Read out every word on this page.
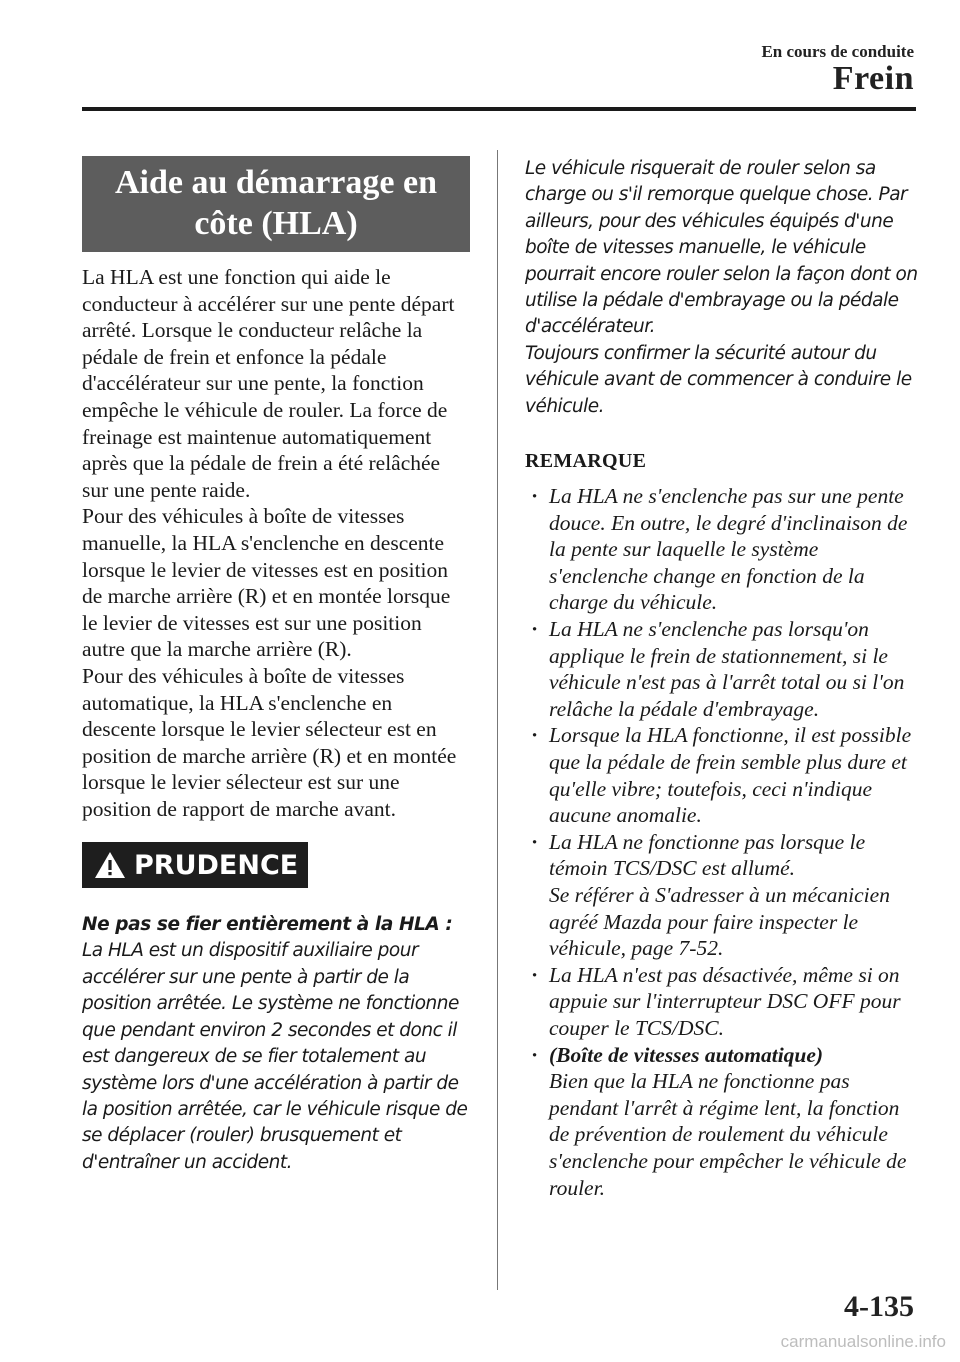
En cours de conduite
Frein
Aide au démarrage en côte (HLA)

La HLA est une fonction qui aide le conducteur à accélérer sur une pente départ arrêté. Lorsque le conducteur relâche la pédale de frein et enfonce la pédale d'accélérateur sur une pente, la fonction empêche le véhicule de rouler. La force de freinage est maintenue automatiquement après que la pédale de frein a été relâchée sur une pente raide.

Pour des véhicules à boîte de vitesses manuelle, la HLA s'enclenche en descente lorsque le levier de vitesses est en position de marche arrière (R) et en montée lorsque le levier de vitesses est sur une position autre que la marche arrière (R).

Pour des véhicules à boîte de vitesses automatique, la HLA s'enclenche en descente lorsque le levier sélecteur est en position de marche arrière (R) et en montée lorsque le levier sélecteur est sur une position de rapport de marche avant.

PRUDENCE
Ne pas se fier entièrement à la HLA :

La HLA est un dispositif auxiliaire pour accélérer sur une pente à partir de la position arrêtée. Le système ne fonctionne que pendant environ 2 secondes et donc il est dangereux de se fier totalement au système lors d'une accélération à partir de la position arrêtée, car le véhicule risque de se déplacer (rouler) brusquement et d'entraîner un accident.

Le véhicule risquerait de rouler selon sa charge ou s'il remorque quelque chose. Par ailleurs, pour des véhicules équipés d'une boîte de vitesses manuelle, le véhicule pourrait encore rouler selon la façon dont on utilise la pédale d'embrayage ou la pédale d'accélérateur.

Toujours confirmer la sécurité autour du véhicule avant de commencer à conduire le véhicule.

REMARQUE
· La HLA ne s'enclenche pas sur une pente douce. En outre, le degré d'inclinaison de la pente sur laquelle le système s'enclenche change en fonction de la charge du véhicule.
· La HLA ne s'enclenche pas lorsqu'on applique le frein de stationnement, si le véhicule n'est pas à l'arrêt total ou si l'on relâche la pédale d'embrayage.
· Lorsque la HLA fonctionne, il est possible que la pédale de frein semble plus dure et qu'elle vibre; toutefois, ceci n'indique aucune anomalie.
· La HLA ne fonctionne pas lorsque le témoin TCS/DSC est allumé.
Se référer à S'adresser à un mécanicien agréé Mazda pour faire inspecter le véhicule, page 7-52.
· La HLA n'est pas désactivée, même si on appuie sur l'interrupteur DSC OFF pour couper le TCS/DSC.
· (Boîte de vitesses automatique)
Bien que la HLA ne fonctionne pas pendant l'arrêt à régime lent, la fonction de prévention de roulement du véhicule s'enclenche pour empêcher le véhicule de rouler.
4-135
carmanualsonline.info
